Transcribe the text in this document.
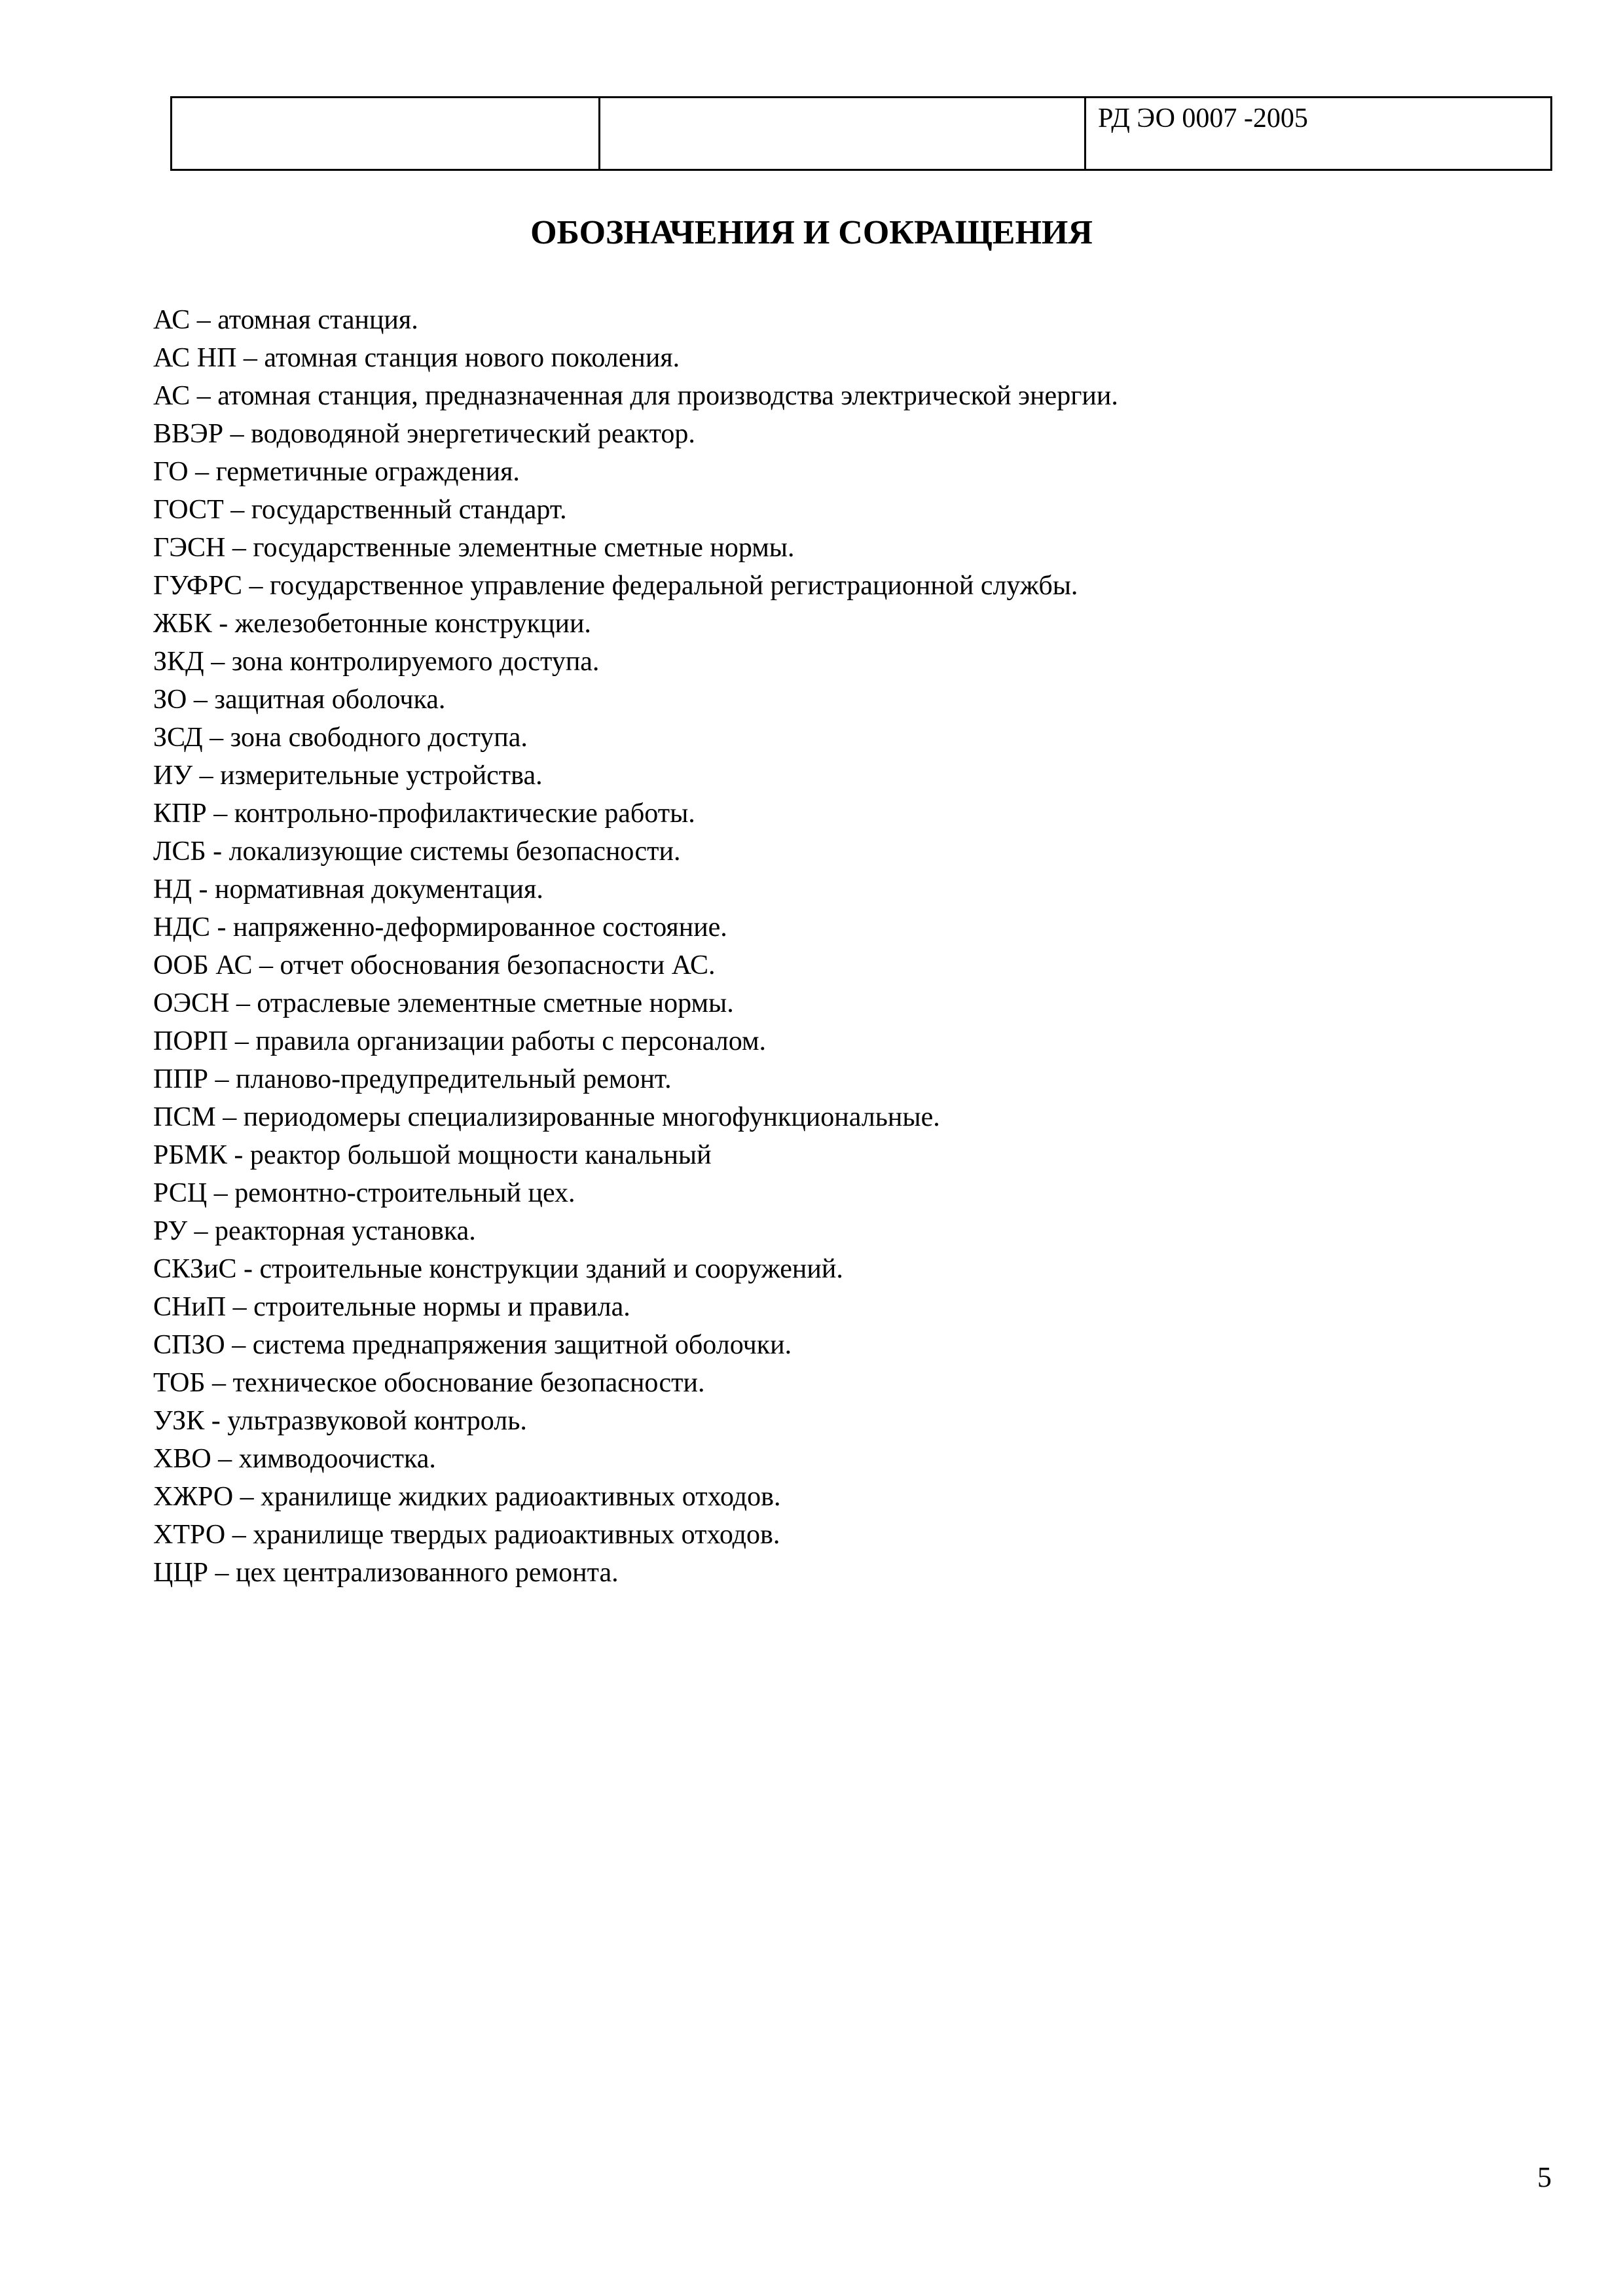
РД ЭО 0007 -2005
ОБОЗНАЧЕНИЯ И СОКРАЩЕНИЯ
АС – атомная станция.
АС НП – атомная станция нового поколения.
АС – атомная станция, предназначенная для производства электрической энергии.
ВВЭР – водоводяной энергетический реактор.
ГО – герметичные ограждения.
ГОСТ – государственный стандарт.
ГЭСН – государственные элементные сметные нормы.
ГУФРС – государственное управление федеральной регистрационной службы.
ЖБК - железобетонные конструкции.
ЗКД – зона контролируемого доступа.
ЗО – защитная оболочка.
ЗСД – зона свободного доступа.
ИУ – измерительные устройства.
КПР – контрольно-профилактические работы.
ЛСБ - локализующие системы безопасности.
НД - нормативная документация.
НДС - напряженно-деформированное состояние.
ООБ АС – отчет обоснования безопасности АС.
ОЭСН – отраслевые элементные сметные нормы.
ПОРП – правила организации работы с персоналом.
ППР – планово-предупредительный ремонт.
ПСМ – периодомеры специализированные многофункциональные.
РБМК - реактор большой мощности канальный
РСЦ – ремонтно-строительный цех.
РУ – реакторная установка.
СКЗиС - строительные конструкции зданий и сооружений.
СНиП – строительные нормы и правила.
СПЗО – система преднапряжения защитной оболочки.
ТОБ – техническое обоснование безопасности.
УЗК - ультразвуковой контроль.
ХВО – химводоочистка.
ХЖРО – хранилище жидких радиоактивных отходов.
ХТРО – хранилище твердых радиоактивных отходов.
ЦЦР – цех централизованного ремонта.
5
